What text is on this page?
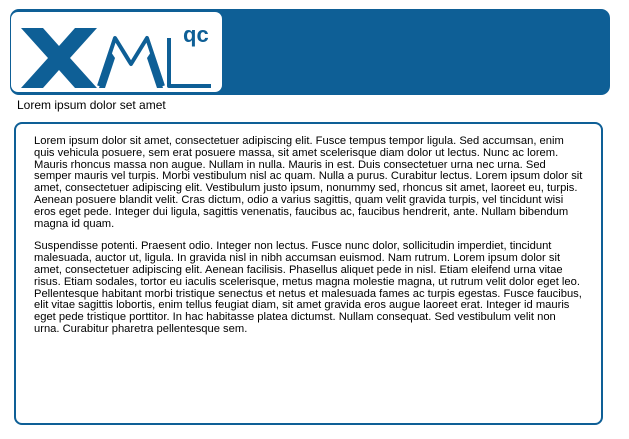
qc

Lorem ipsum dolor set amet

Lorem ipsum dolor sit amet, consectetuer adipiscing elit. Fusce tempus tempor ligula. Sed accumsan, enim quis vehicula posuere, sem erat posuere massa, sit amet scelerisque diam dolor ut lectus. Nunc ac lorem. Mauris rhoncus massa non augue. Nullam in nulla. Mauris in est. Duis consectetuer urna nec urna. Sed semper mauris vel turpis. Morbi vestibulum nisl ac quam. Nulla a purus. Curabitur lectus. Lorem ipsum dolor sit amet, consectetuer adipiscing elit. Vestibulum justo ipsum, nonummy sed, rhoncus sit amet, laoreet eu, turpis. Aenean posuere blandit velit. Cras dictum, odio a varius sagittis, quam velit gravida turpis, vel tincidunt wisi eros eget pede. Integer dui ligula, sagittis venenatis, faucibus ac, faucibus hendrerit, ante. Nullam bibendum magna id quam.

Suspendisse potenti. Praesent odio. Integer non lectus. Fusce nunc dolor, sollicitudin imperdiet, tincidunt malesuada, auctor ut, ligula. In gravida nisl in nibh accumsan euismod. Nam rutrum. Lorem ipsum dolor sit amet, consectetuer adipiscing elit. Aenean facilisis. Phasellus aliquet pede in nisl. Etiam eleifend urna vitae risus. Etiam sodales, tortor eu iaculis scelerisque, metus magna molestie magna, ut rutrum velit dolor eget leo. Pellentesque habitant morbi tristique senectus et netus et malesuada fames ac turpis egestas. Fusce faucibus, elit vitae sagittis lobortis, enim tellus feugiat diam, sit amet gravida eros augue laoreet erat. Integer id mauris eget pede tristique porttitor. In hac habitasse platea dictumst. Nullam consequat. Sed vestibulum velit non urna. Curabitur pharetra pellentesque sem.
